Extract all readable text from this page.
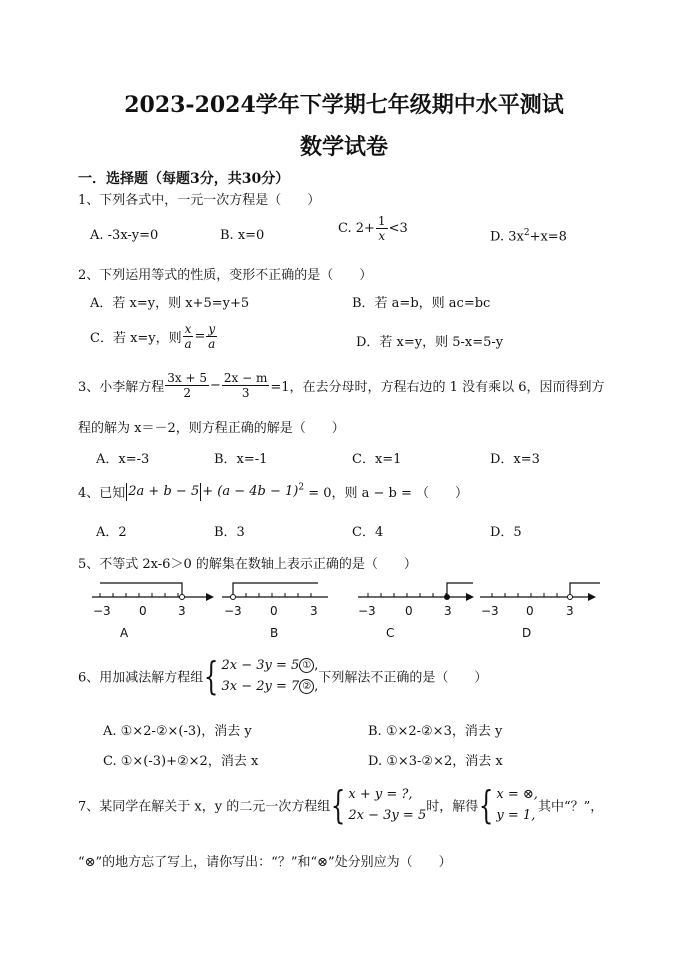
2023-2024学年下学期七年级期中水平测试
数学试卷
一．选择题（每题3分，共30分）
1、下列各式中，一元一次方程是（　　）
A. -3x-y=0	B. x=0	C. $2+ \frac{1}{x} <3$
D. $3x^2+x=8$
2、下列运用等式的性质，变形不正确的是（　　）
A．若 x=y，则 x+5=y+5	B．若 a=b，则 ac=bc
C．若 x=y，则 $\frac{x}{a} = \frac{y}{a}$	D．若 x=y，则 5-x=5-y
3、小李解方程 $\frac{3x + 5}{2} - \frac{2x - m}{3} =1$，在去分母时，方程右边的 1 没有乘以 6，因而得到方
程的解为 x＝－2，则方程正确的解是（　　）
A．x=-3	B．x=-1	C．x=1	D．x=3
4、已知 $2a + b - 5 + (a - 4b - 1)^2 = 0$，则 a − b = （　　）
A．2	B．3	C．4	D．5
5、不等式 2x-6＞0 的解集在数轴上表示正确的是（　　）
−3 0	3
A
−3 0	3
B
−3 0	3
C
−3 0	3
D
6、用加减法解方程组{ 2x − 3y = 5 ① ,
3x − 2y = 7 ② ,
下列解法不正确的是（　　）
A. ①×2-②×(-3)，消去 y	B. ①×2-②×3，消去 y
C. ①×(-3)+②×2，消去 x	D. ①×3-②×2，消去 x
7、某同学在解关于 x，y 的二元一次方程组{ x + y = ?,
2x − 3y = 5
时，解得{ x = ⊗,
y = 1,
其中“？”，
“⊗”的地方忘了写上，请你写出：“？”和“⊗”处分别应为（　　）
